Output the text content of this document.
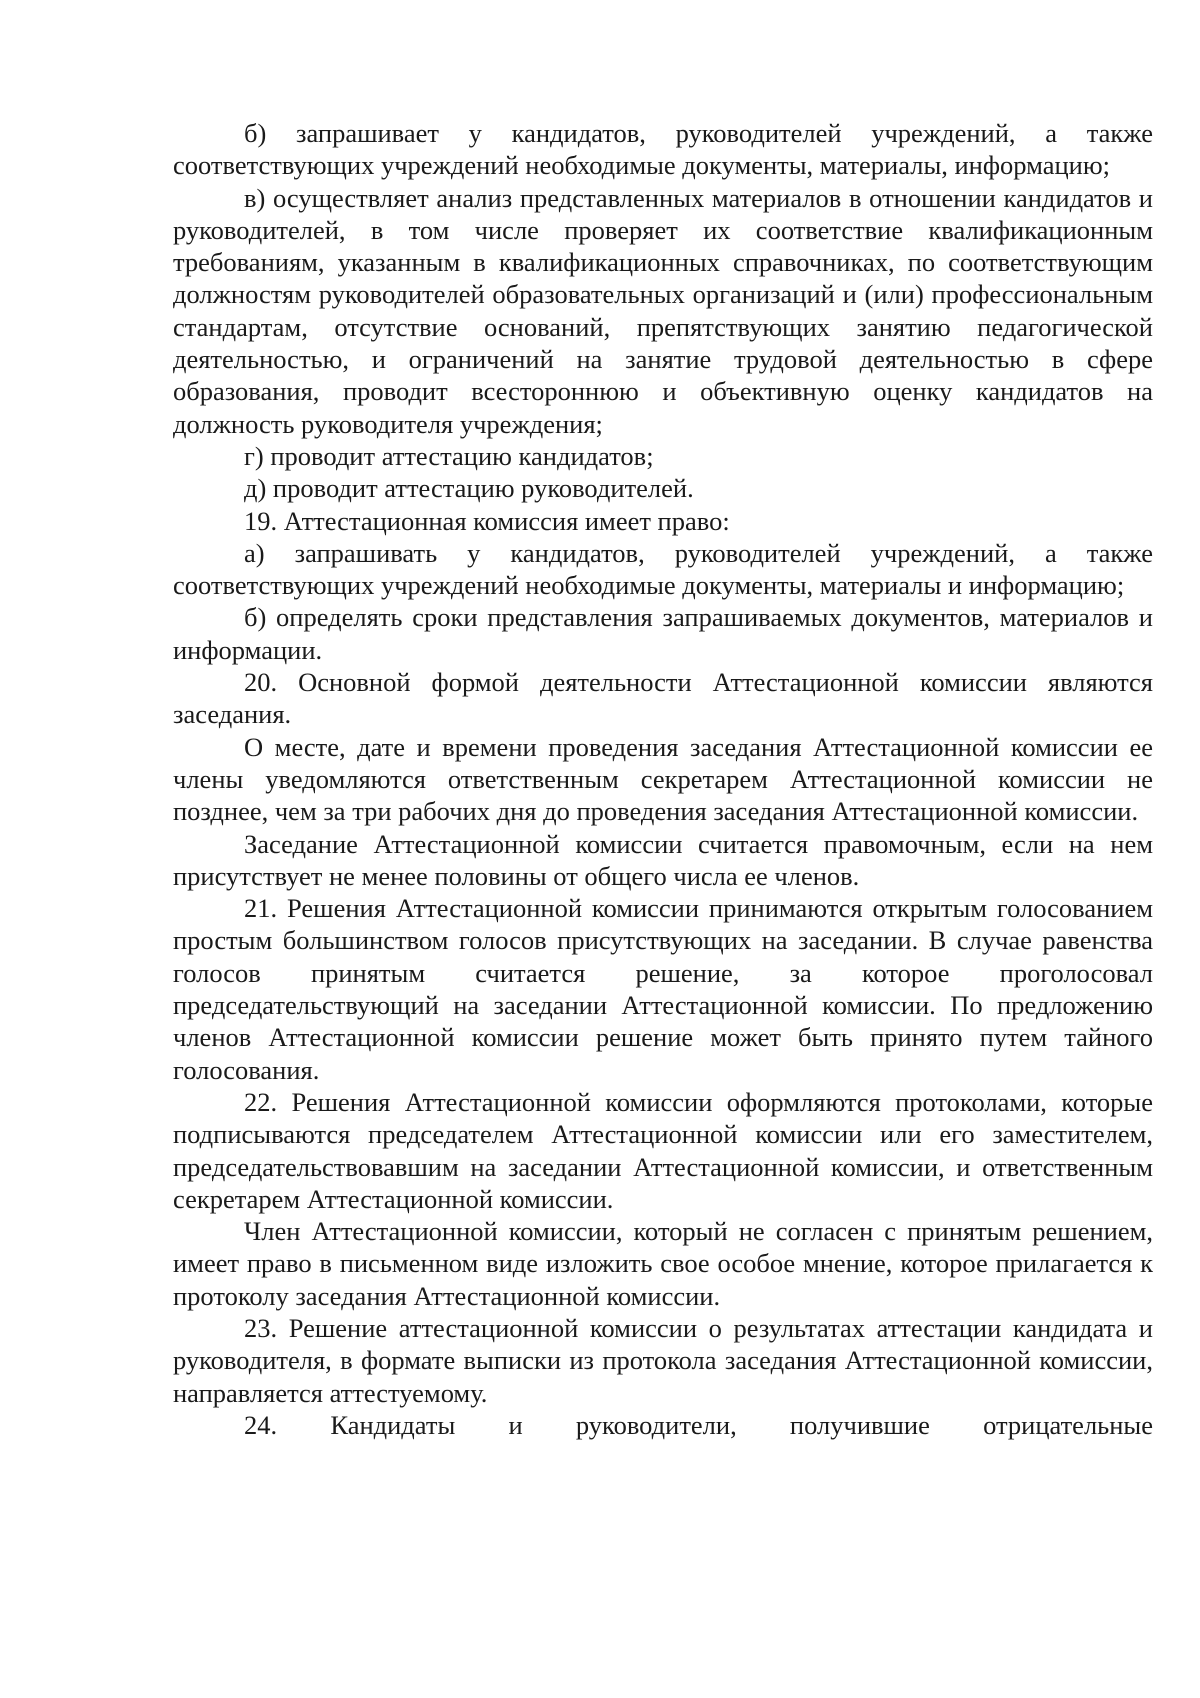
б) запрашивает у кандидатов, руководителей учреждений, а также соответствующих учреждений необходимые документы, материалы, информацию;

в) осуществляет анализ представленных материалов в отношении кандидатов и руководителей, в том числе проверяет их соответствие квалификационным требованиям, указанным в квалификационных справочниках, по соответствующим должностям руководителей образовательных организаций и (или) профессиональным стандартам, отсутствие оснований, препятствующих занятию педагогической деятельностью, и ограничений на занятие трудовой деятельностью в сфере образования, проводит всестороннюю и объективную оценку кандидатов на должность руководителя учреждения;

г) проводит аттестацию кандидатов;

д) проводит аттестацию руководителей.

19. Аттестационная комиссия имеет право:

а) запрашивать у кандидатов, руководителей учреждений, а также соответствующих учреждений необходимые документы, материалы и информацию;

б) определять сроки представления запрашиваемых документов, материалов и информации.

20. Основной формой деятельности Аттестационной комиссии являются заседания.

О месте, дате и времени проведения заседания Аттестационной комиссии ее члены уведомляются ответственным секретарем Аттестационной комиссии не позднее, чем за три рабочих дня до проведения заседания Аттестационной комиссии.

Заседание Аттестационной комиссии считается правомочным, если на нем присутствует не менее половины от общего числа ее членов.

21. Решения Аттестационной комиссии принимаются открытым голосованием простым большинством голосов присутствующих на заседании. В случае равенства голосов принятым считается решение, за которое проголосовал председательствующий на заседании Аттестационной комиссии. По предложению членов Аттестационной комиссии решение может быть принято путем тайного голосования.

22. Решения Аттестационной комиссии оформляются протоколами, которые подписываются председателем Аттестационной комиссии или его заместителем, председательствовавшим на заседании Аттестационной комиссии, и ответственным секретарем Аттестационной комиссии.

Член Аттестационной комиссии, который не согласен с принятым решением, имеет право в письменном виде изложить свое особое мнение, которое прилагается к протоколу заседания Аттестационной комиссии.

23. Решение аттестационной комиссии о результатах аттестации кандидата и руководителя, в формате выписки из протокола заседания Аттестационной комиссии, направляется аттестуемому.

24. Кандидаты и руководители, получившие отрицательные
